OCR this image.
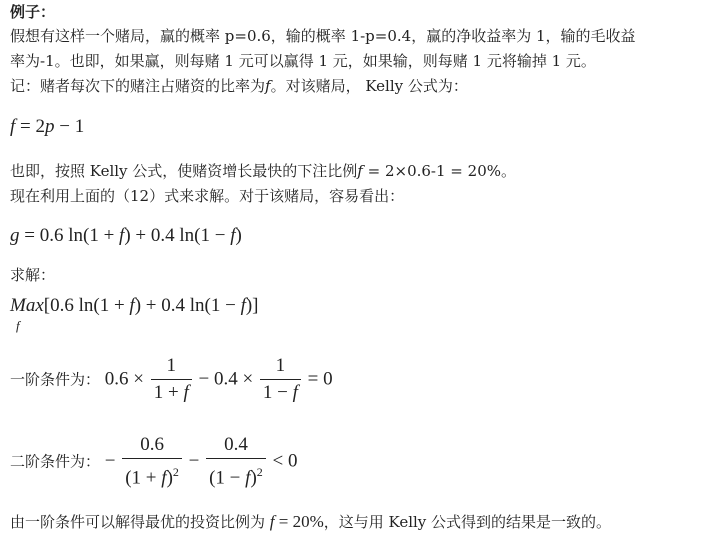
例子：
假想有这样一个赌局，赢的概率 p=0.6，输的概率 1-p=0.4，赢的净收益率为 1，输的毛收益
率为-1。也即，如果赢，则每赌 1 元可以赢得 1 元，如果输，则每赌 1 元将输掉 1 元。
记：赌者每次下的赌注占赌资的比率为f。对该赌局， Kelly 公式为：
f = 2p − 1
也即，按照 Kelly 公式，使赌资增长最快的下注比例f = 2×0.6-1 = 20%。
现在利用上面的（12）式来求解。对于该赌局，容易看出：
g = 0.6 ln(1 + f) + 0.4 ln(1 − f)
求解：
Max
f
[0.6 ln(1 + f) + 0.4 ln(1 − f)]
一阶条件为： $0.6 \times \frac{1}{1 + f} - 0.4 \times \frac{1}{1 - f} = 0$
二阶条件为： − $\frac{0.6}{(1 + f)^2} - \frac{0.4}{(1 - f)^2} < 0$
由一阶条件可以解得最优的投资比例为 f = 20%，这与用 Kelly 公式得到的结果是一致的。
